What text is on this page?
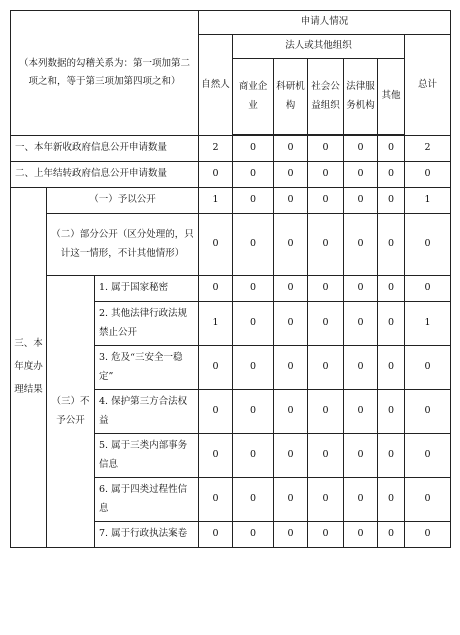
（本列数据的勾稽关系为：第一项加第二项之和，等于第三项加第四项之和）			申请人情况						
			自然人	法人或其他组织					总计
				商业企业	科研机构	社会公益组织	法律服务机构	其他	

一、本年新收政府信息公开申请数量			2	0	0	0	0	0	2
二、上年结转政府信息公开申请数量			0	0	0	0	0	0	0
三、本年度办理结果	（一）予以公开		1	0	0	0	0	0	1
	（二）部分公开（区分处理的，只计这一情形，不计其他情形）		0	0	0	0	0	0	0
	（三）不予公开	1. 属于国家秘密	0	0	0	0	0	0	0
		2. 其他法律行政法规禁止公开	1	0	0	0	0	0	1
		3. 危及“三安全一稳定”	0	0	0	0	0	0	0
		4. 保护第三方合法权益	0	0	0	0	0	0	0
		5. 属于三类内部事务信息	0	0	0	0	0	0	0
		6. 属于四类过程性信息	0	0	0	0	0	0	0
		7. 属于行政执法案卷	0	0	0	0	0	0	0
